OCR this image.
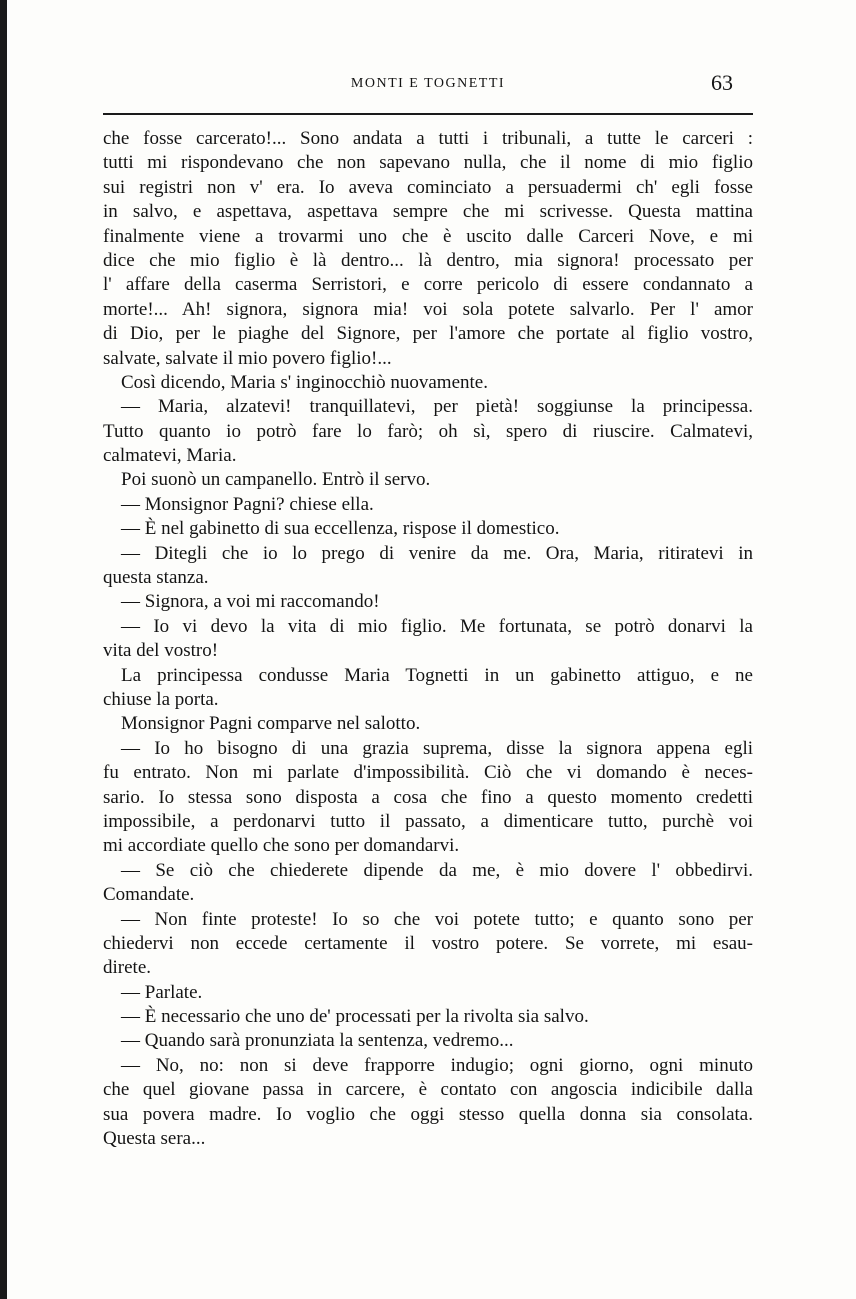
MONTI E TOGNETTI	63
che fosse carcerato!... Sono andata a tutti i tribunali, a tutte le carceri :
tutti mi rispondevano che non sapevano nulla, che il nome di mio figlio
sui registri non v' era. Io aveva cominciato a persuadermi ch' egli fosse
in salvo, e aspettava, aspettava sempre che mi scrivesse. Questa mattina
finalmente viene a trovarmi uno che è uscito dalle Carceri Nove, e mi
dice che mio figlio è là dentro... là dentro, mia signora! processato per
l' affare della caserma Serristori, e corre pericolo di essere condannato a
morte!... Ah! signora, signora mia! voi sola potete salvarlo. Per l' amor
di Dio, per le piaghe del Signore, per l'amore che portate al figlio vostro,
salvate, salvate il mio povero figlio!...
Così dicendo, Maria s' inginocchiò nuovamente.
— Maria, alzatevi! tranquillatevi, per pietà! soggiunse la principessa.
Tutto quanto io potrò fare lo farò; oh sì, spero di riuscire. Calmatevi,
calmatevi, Maria.
Poi suonò un campanello. Entrò il servo.
— Monsignor Pagni? chiese ella.
— È nel gabinetto di sua eccellenza, rispose il domestico.
— Ditegli che io lo prego di venire da me. Ora, Maria, ritiratevi in
questa stanza.
— Signora, a voi mi raccomando!
— Io vi devo la vita di mio figlio. Me fortunata, se potrò donarvi la
vita del vostro!
La principessa condusse Maria Tognetti in un gabinetto attiguo, e ne
chiuse la porta.
Monsignor Pagni comparve nel salotto.
— Io ho bisogno di una grazia suprema, disse la signora appena egli
fu entrato. Non mi parlate d'impossibilità. Ciò che vi domando è neces-
sario. Io stessa sono disposta a cosa che fino a questo momento credetti
impossibile, a perdonarvi tutto il passato, a dimenticare tutto, purchè voi
mi accordiate quello che sono per domandarvi.
— Se ciò che chiederete dipende da me, è mio dovere l' obbedirvi.
Comandate.
— Non finte proteste! Io so che voi potete tutto; e quanto sono per
chiedervi non eccede certamente il vostro potere. Se vorrete, mi esau-
direte.
— Parlate.
— È necessario che uno de' processati per la rivolta sia salvo.
— Quando sarà pronunziata la sentenza, vedremo...
— No, no: non si deve frapporre indugio; ogni giorno, ogni minuto
che quel giovane passa in carcere, è contato con angoscia indicibile dalla
sua povera madre. Io voglio che oggi stesso quella donna sia consolata.
Questa sera...
